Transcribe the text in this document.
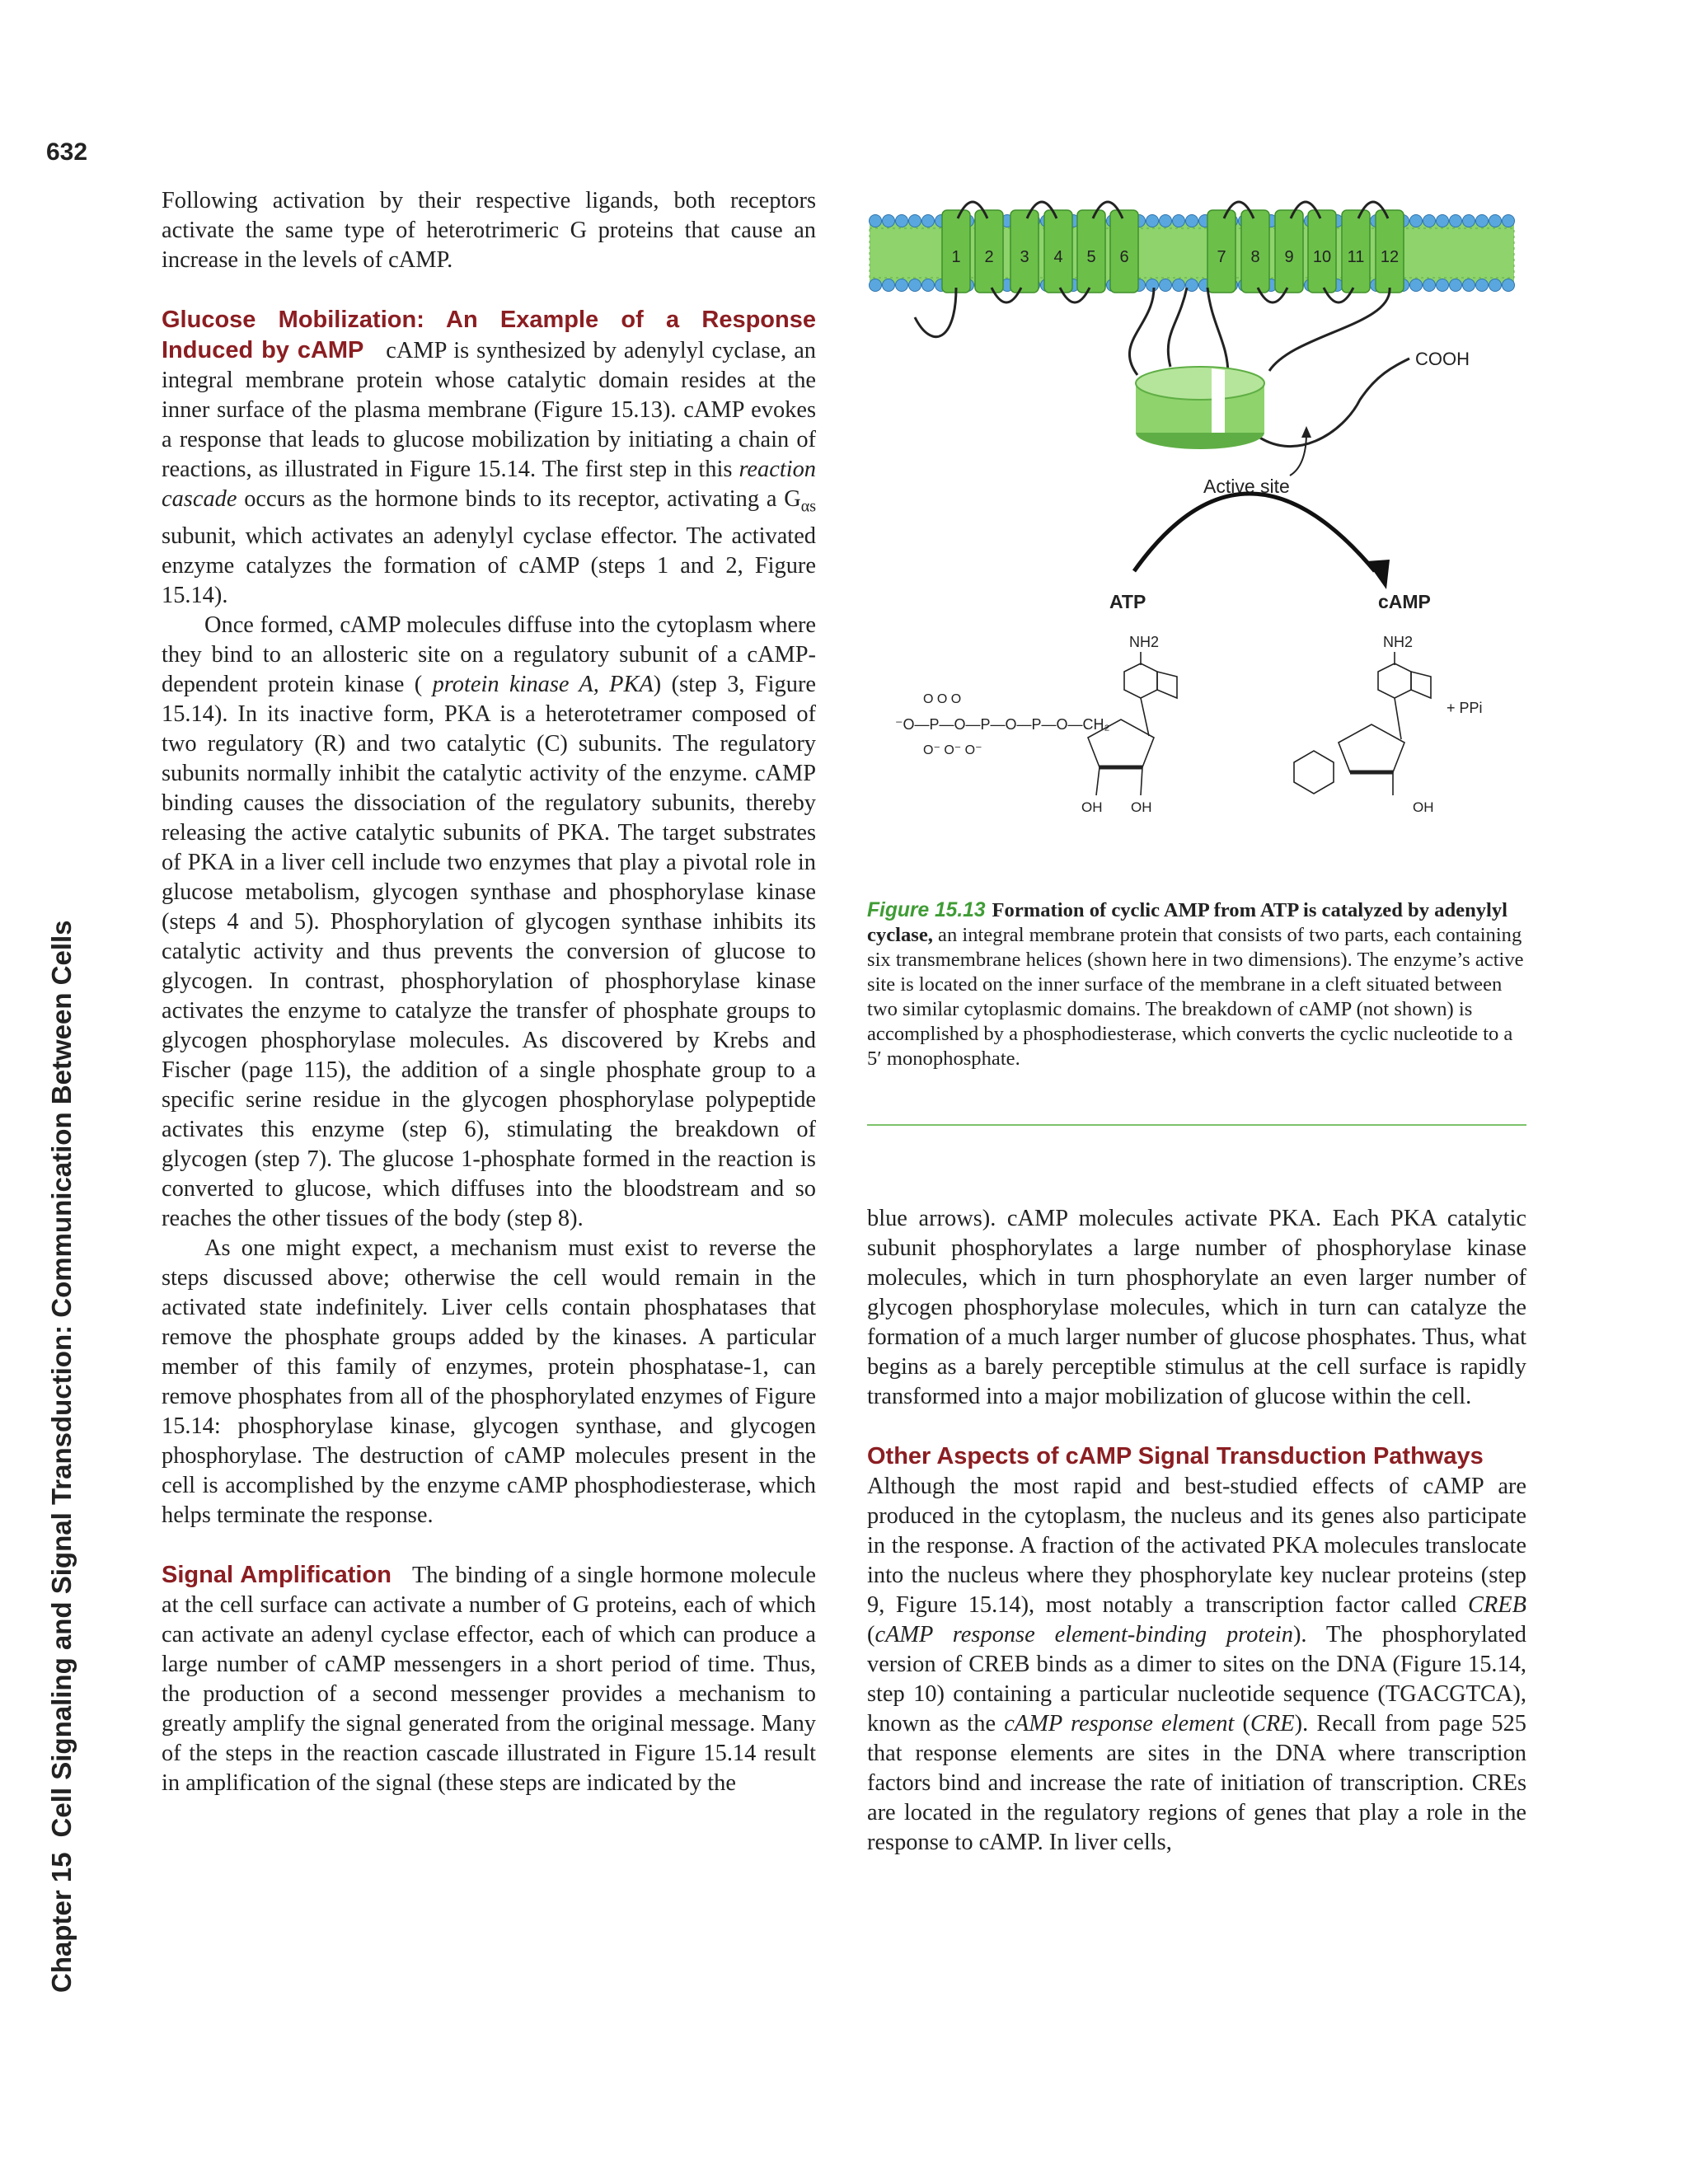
632
Chapter 15Cell Signaling and Signal Transduction: Communication Between Cells

Following activation by their respective ligands, both receptors activate the same type of heterotrimeric G proteins that cause an increase in the levels of cAMP.

Glucose Mobilization: An Example of a Response Induced by cAMP cAMP is synthesized by adenylyl cyclase, an integral membrane protein whose catalytic domain resides at the inner surface of the plasma membrane (Figure 15.13). cAMP evokes a response that leads to glucose mobilization by initiating a chain of reactions, as illustrated in Figure 15.14. The first step in this reaction cascade occurs as the hormone binds to its receptor, activating a $G_{\alpha s}$ subunit, which activates an adenylyl cyclase effector. The activated enzyme catalyzes the formation of cAMP (steps 1 and 2, Figure 15.14).

Once formed, cAMP molecules diffuse into the cytoplasm where they bind to an allosteric site on a regulatory subunit of a cAMP-dependent protein kinase ( protein kinase A, PKA) (step 3, Figure 15.14). In its inactive form, PKA is a heterotetramer composed of two regulatory (R) and two catalytic (C) subunits. The regulatory subunits normally inhibit the catalytic activity of the enzyme. cAMP binding causes the dissociation of the regulatory subunits, thereby releasing the active catalytic subunits of PKA. The target substrates of PKA in a liver cell include two enzymes that play a pivotal role in glucose metabolism, glycogen synthase and phosphorylase kinase (steps 4 and 5). Phosphorylation of glycogen synthase inhibits its catalytic activity and thus prevents the conversion of glucose to glycogen. In contrast, phosphorylation of phosphorylase kinase activates the enzyme to catalyze the transfer of phosphate groups to glycogen phosphorylase molecules. As discovered by Krebs and Fischer (page 115), the addition of a single phosphate group to a specific serine residue in the glycogen phosphorylase polypeptide activates this enzyme (step 6), stimulating the breakdown of glycogen (step 7). The glucose 1-phosphate formed in the reaction is converted to glucose, which diffuses into the bloodstream and so reaches the other tissues of the body (step 8).

As one might expect, a mechanism must exist to reverse the steps discussed above; otherwise the cell would remain in the activated state indefinitely. Liver cells contain phosphatases that remove the phosphate groups added by the kinases. A particular member of this family of enzymes, protein phosphatase-1, can remove phosphates from all of the phosphorylated enzymes of Figure 15.14: phosphorylase kinase, glycogen synthase, and glycogen phosphorylase. The destruction of cAMP molecules present in the cell is accomplished by the enzyme cAMP phosphodiesterase, which helps terminate the response.

Signal Amplification The binding of a single hormone molecule at the cell surface can activate a number of G proteins, each of which can activate an adenyl cyclase effector, each of which can produce a large number of cAMP messengers in a short period of time. Thus, the production of a second messenger provides a mechanism to greatly amplify the signal generated from the original message. Many of the steps in the reaction cascade illustrated in Figure 15.14 result in amplification of the signal (these steps are indicated by the

1 2 3 4 5 6	7 8 9 10 11 12
COOH
Active site
ATP	cAMP
NH2
⁻O—P—O—P—O—P—O—CH₂
O O O
O⁻ O⁻ O⁻
OH OH
NH2
+ PPi
OH
Figure 15.13 Formation of cyclic AMP from ATP is catalyzed by adenylyl cyclase, an integral membrane protein that consists of two parts, each containing six transmembrane helices (shown here in two dimensions). The enzyme’s active site is located on the inner surface of the membrane in a cleft situated between two similar cytoplasmic domains. The breakdown of cAMP (not shown) is accomplished by a phosphodiesterase, which converts the cyclic nucleotide to a 5′ monophosphate.

blue arrows). cAMP molecules activate PKA. Each PKA catalytic subunit phosphorylates a large number of phosphorylase kinase molecules, which in turn phosphorylate an even larger number of glycogen phosphorylase molecules, which in turn can catalyze the formation of a much larger number of glucose phosphates. Thus, what begins as a barely perceptible stimulus at the cell surface is rapidly transformed into a major mobilization of glucose within the cell.

Other Aspects of cAMP Signal Transduction Pathways

Although the most rapid and best-studied effects of cAMP are produced in the cytoplasm, the nucleus and its genes also participate in the response. A fraction of the activated PKA molecules translocate into the nucleus where they phosphorylate key nuclear proteins (step 9, Figure 15.14), most notably a transcription factor called CREB (cAMP response element-binding protein). The phosphorylated version of CREB binds as a dimer to sites on the DNA (Figure 15.14, step 10) containing a particular nucleotide sequence (TGACGTCA), known as the cAMP response element (CRE). Recall from page 525 that response elements are sites in the DNA where transcription factors bind and increase the rate of initiation of transcription. CREs are located in the regulatory regions of genes that play a role in the response to cAMP. In liver cells,
